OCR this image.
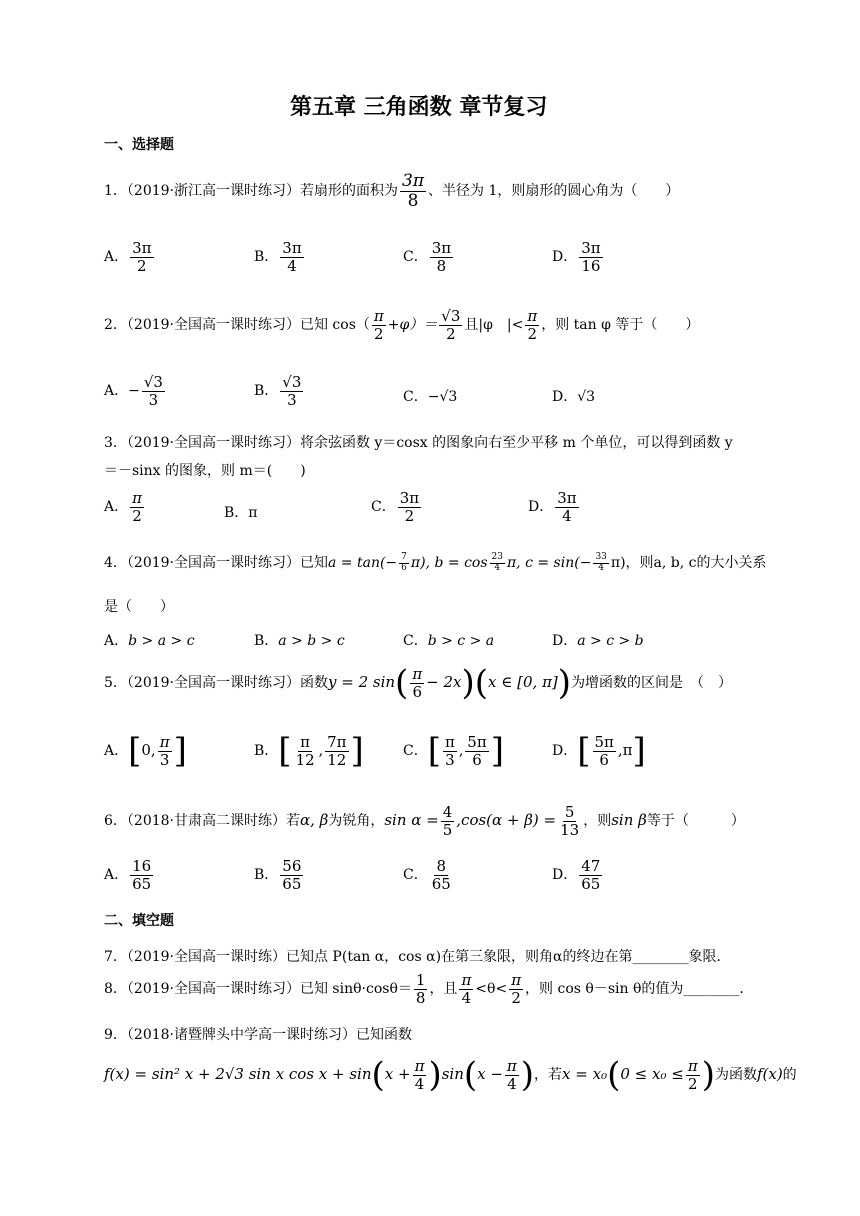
第五章 三角函数 章节复习
一、选择题
1．（2019·浙江高一课时练习）若扇形的面积为 $\frac{3\pi}{8}$ 、半径为 1，则扇形的圆心角为（　　）
A． $\frac{3\pi}{2}$	B． $\frac{3\pi}{4}$	C． $\frac{3\pi}{8}$	D． $\frac{3\pi}{16}$
2．（2019·全国高一课时练习）已知 $\cos( \frac{\pi}{2} +\varphi)= \frac{√3}{2}$ 且|φ　|< $\frac{\pi}{2}$ ，则 tan φ 等于（　　）
A．− $\frac{√3}{3}$	B． $\frac{√3}{3}$	C．−√3	D．√3
3．（2019·全国高一课时练习）将余弦函数 y＝cosx 的图象向右至少平移 m 个单位，可以得到函数 y
＝－sinx 的图象，则 m＝(　　)
A． $\frac{\pi}{2}$	B．π	C． $\frac{3\pi}{2}$	D． $\frac{3\pi}{4}$
4．（2019·全国高一课时练习）已知$a = \tan(- \frac{7}{6} \pi)$, $b = \cos \frac{23}{4} \pi$, $c = \sin(- \frac{33}{4} \pi)$，则a, b, c的大小关系
是（　　）
A．b > a > c	B．a > b > c	C．b > c > a	D．a > c > b
5．（2019·全国高一课时练习）函数y = 2 $\sin( \frac{\pi}{6} - 2x)(x$ ∈ [0, π])为增函数的区间是　（　）
A．[0, $\frac{\pi}{3}$ ]	B．[ $\frac{\pi}{12}$ , $\frac{7\pi}{12}$ ]	C．[ $\frac{\pi}{3}$ , $\frac{5\pi}{6}$ ]	D．[ $\frac{5\pi}{6} ,\pi$]
6．（2018·甘肃高二课时练）若α, β为锐角，$\sin \alpha = \frac{4}{5} ,\cos(\alpha + \beta) = \frac{5}{13}$ ，则sin β等于（　　　）
A． $\frac{16}{65}$	B． $\frac{56}{65}$	C． $\frac{8}{65}$	D． $\frac{47}{65}$
二、填空题
7．（2019·全国高一课时练）已知点 P(tan α，cos α)在第三象限，则角α的终边在第________象限．
8．（2019·全国高一课时练习）已知 $\sin\theta\cdot\cos\theta= \frac{1}{8}$ ，且 $\frac{\pi}{4} <\theta< \frac{\pi}{2}$ ，则 cos θ－sin θ的值为________．
9．（2018·诸暨牌头中学高一课时练习）已知函数
f(x) = sin² x + 2√3 sin x $\cos x + \sin(x + \frac{\pi}{4} )\sin(x - \frac{\pi}{4}$ )，若$x = x_0(0 \le x_0 \le \frac{\pi}{2}$ )为函数f(x)的
